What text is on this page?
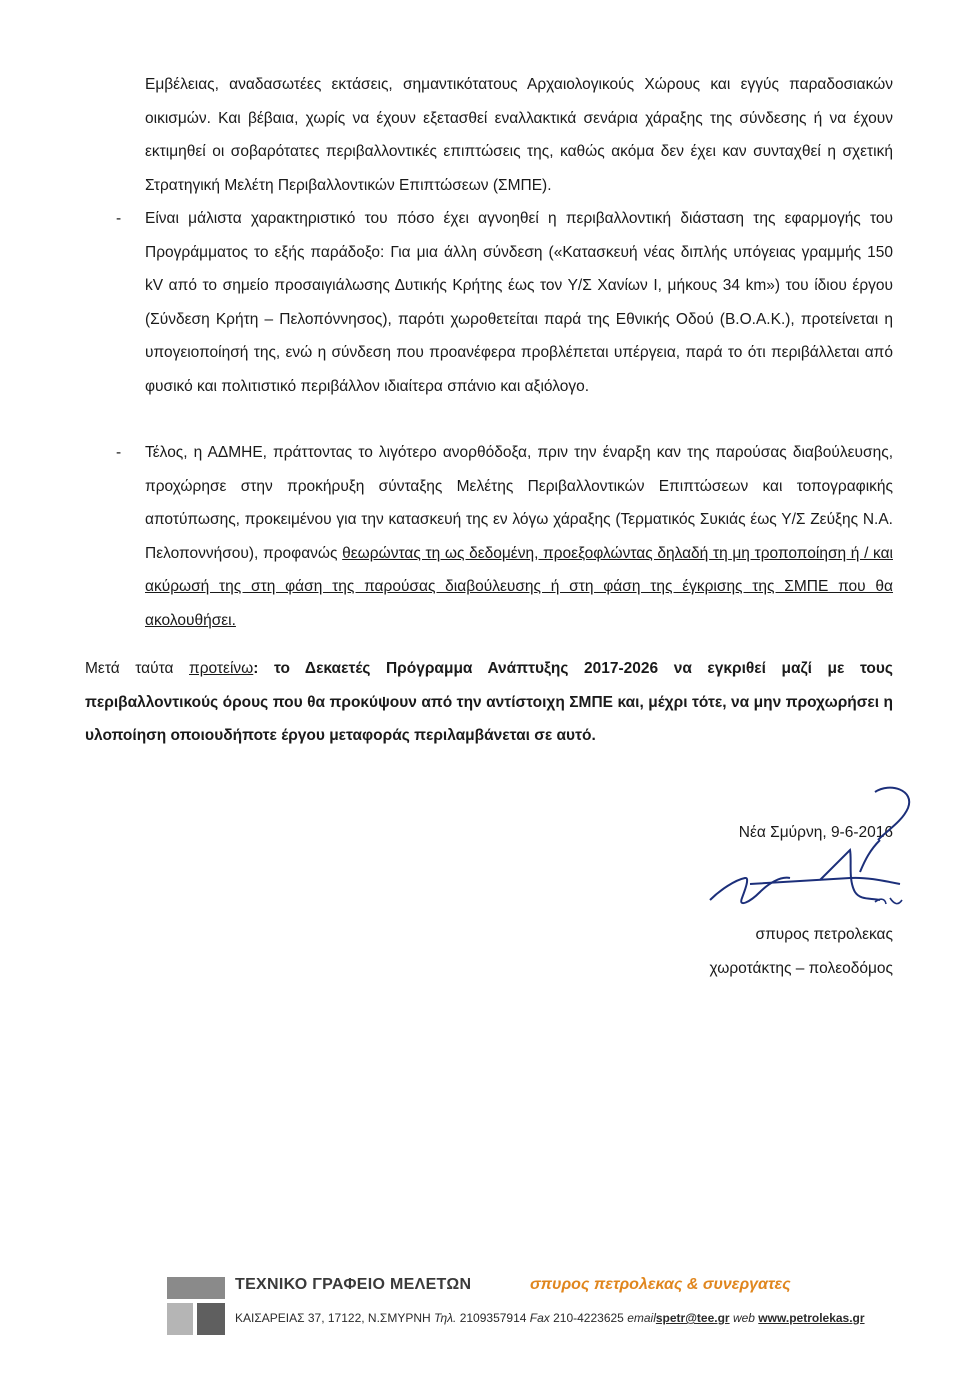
Εμβέλειας, αναδασωτέες εκτάσεις, σημαντικότατους Αρχαιολογικούς Χώρους και εγγύς παραδοσιακών οικισμών. Και βέβαια, χωρίς να έχουν εξετασθεί εναλλακτικά σενάρια χάραξης της σύνδεσης ή να έχουν εκτιμηθεί οι σοβαρότατες περιβαλλοντικές επιπτώσεις της, καθώς ακόμα δεν έχει καν συνταχθεί η σχετική Στρατηγική Μελέτη Περιβαλλοντικών Επιπτώσεων (ΣΜΠΕ).
- Είναι μάλιστα χαρακτηριστικό του πόσο έχει αγνοηθεί η περιβαλλοντική διάσταση της εφαρμογής του Προγράμματος το εξής παράδοξο: Για μια άλλη σύνδεση («Κατασκευή νέας διπλής υπόγειας γραμμής 150 kV από το σημείο προσαιγιάλωσης Δυτικής Κρήτης έως τον Υ/Σ Χανίων Ι, μήκους 34 km») του ίδιου έργου (Σύνδεση Κρήτη – Πελοπόννησος), παρότι χωροθετείται παρά της Εθνικής Οδού (Β.Ο.Α.Κ.), προτείνεται η υπογειοποίησή της, ενώ η σύνδεση που προανέφερα προβλέπεται υπέργεια, παρά το ότι περιβάλλεται από φυσικό και πολιτιστικό περιβάλλον ιδιαίτερα σπάνιο και αξιόλογο.
- Τέλος, η ΑΔΜΗΕ, πράττοντας το λιγότερο ανορθόδοξα, πριν την έναρξη καν της παρούσας διαβούλευσης, προχώρησε στην προκήρυξη σύνταξης Μελέτης Περιβαλλοντικών Επιπτώσεων και τοπογραφικής αποτύπωσης, προκειμένου για την κατασκευή της εν λόγω χάραξης (Τερματικός Συκιάς έως Υ/Σ Ζεύξης Ν.Α. Πελοποννήσου), προφανώς θεωρώντας τη ως δεδομένη, προεξοφλώντας δηλαδή τη μη τροποποίηση ή / και ακύρωσή της στη φάση της παρούσας διαβούλευσης ή στη φάση της έγκρισης της ΣΜΠΕ που θα ακολουθήσει.
Μετά ταύτα προτείνω: το Δεκαετές Πρόγραμμα Ανάπτυξης 2017-2026 να εγκριθεί μαζί με τους περιβαλλοντικούς όρους που θα προκύψουν από την αντίστοιχη ΣΜΠΕ και, μέχρι τότε, να μην προχωρήσει η υλοποίηση οποιουδήποτε έργου μεταφοράς περιλαμβάνεται σε αυτό.
Νέα Σμύρνη, 9-6-2016
σπυρος πετρολεκας
χωροτάκτης – πολεοδόμος
ΤΕΧΝΙΚΟ ΓΡΑΦΕΙΟ ΜΕΛΕΤΩΝ	σπυρος πετρολεκας & συνεργατες
ΚΑΙΣΑΡΕΙΑΣ 37, 17122, Ν.ΣΜΥΡΝΗ Τηλ. 2109357914 Fax 210-4223625 emailspetr@tee.gr web www.petrolekas.gr
